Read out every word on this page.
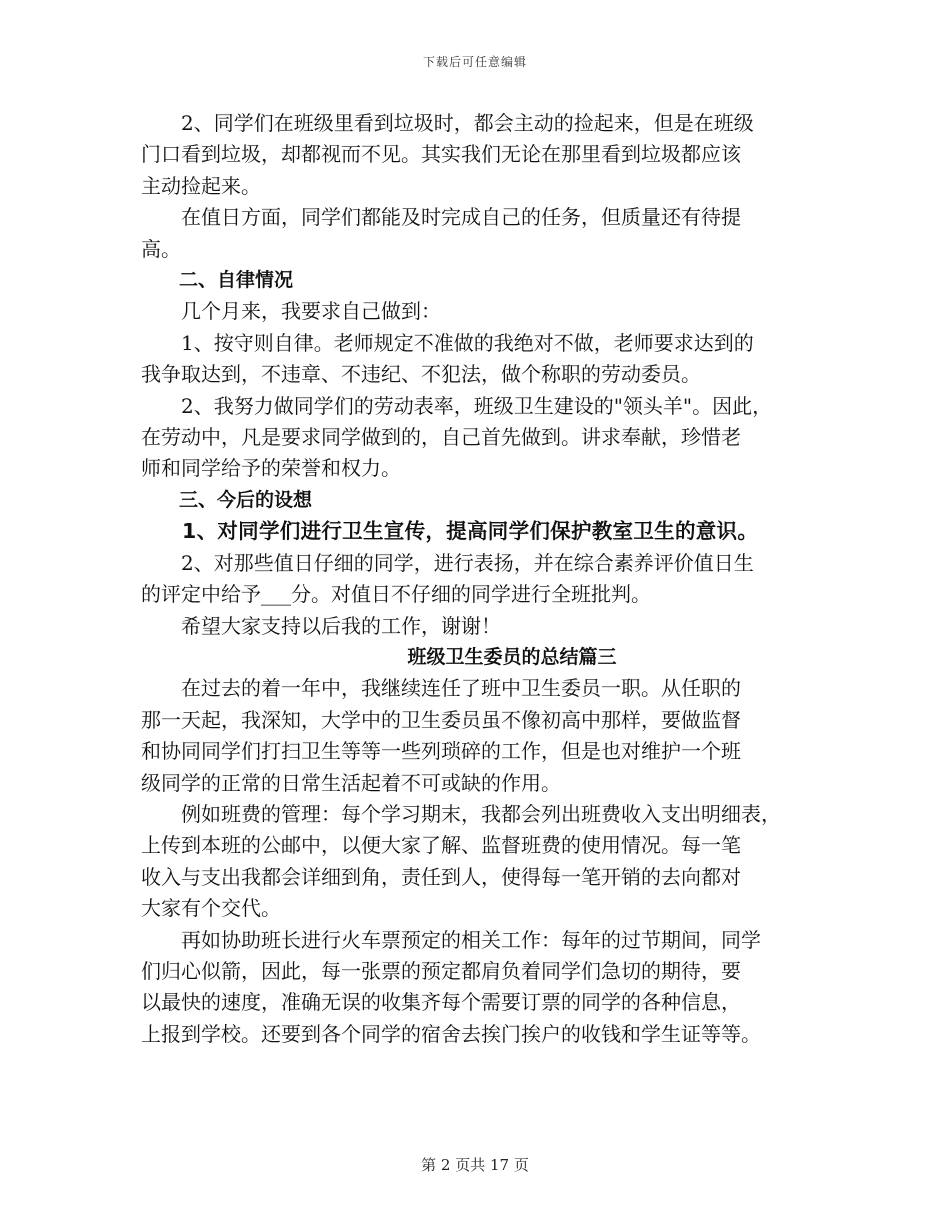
下载后可任意编辑

2、同学们在班级里看到垃圾时，都会主动的捡起来，但是在班级
门口看到垃圾，却都视而不见。其实我们无论在那里看到垃圾都应该
主动捡起来。

在值日方面，同学们都能及时完成自己的任务，但质量还有待提
高。

二、自律情况

几个月来，我要求自己做到：

1、按守则自律。老师规定不准做的我绝对不做，老师要求达到的
我争取达到，不违章、不违纪、不犯法，做个称职的劳动委员。

2、我努力做同学们的劳动表率，班级卫生建设的"领头羊"。因此，
在劳动中，凡是要求同学做到的，自己首先做到。讲求奉献，珍惜老
师和同学给予的荣誉和权力。

三、今后的设想

1、对同学们进行卫生宣传，提高同学们保护教室卫生的意识。

2、对那些值日仔细的同学，进行表扬，并在综合素养评价值日生
的评定中给予___分。对值日不仔细的同学进行全班批判。

希望大家支持以后我的工作，谢谢！

班级卫生委员的总结篇三

在过去的着一年中，我继续连任了班中卫生委员一职。从任职的
那一天起，我深知，大学中的卫生委员虽不像初高中那样，要做监督
和协同同学们打扫卫生等等一些列琐碎的工作，但是也对维护一个班
级同学的正常的日常生活起着不可或缺的作用。

例如班费的管理：每个学习期末，我都会列出班费收入支出明细表，
上传到本班的公邮中，以便大家了解、监督班费的使用情况。每一笔
收入与支出我都会详细到角，责任到人，使得每一笔开销的去向都对
大家有个交代。

再如协助班长进行火车票预定的相关工作：每年的过节期间，同学
们归心似箭，因此，每一张票的预定都肩负着同学们急切的期待，要
以最快的速度，准确无误的收集齐每个需要订票的同学的各种信息，
上报到学校。还要到各个同学的宿舍去挨门挨户的收钱和学生证等等。

第 2 页共 17 页
